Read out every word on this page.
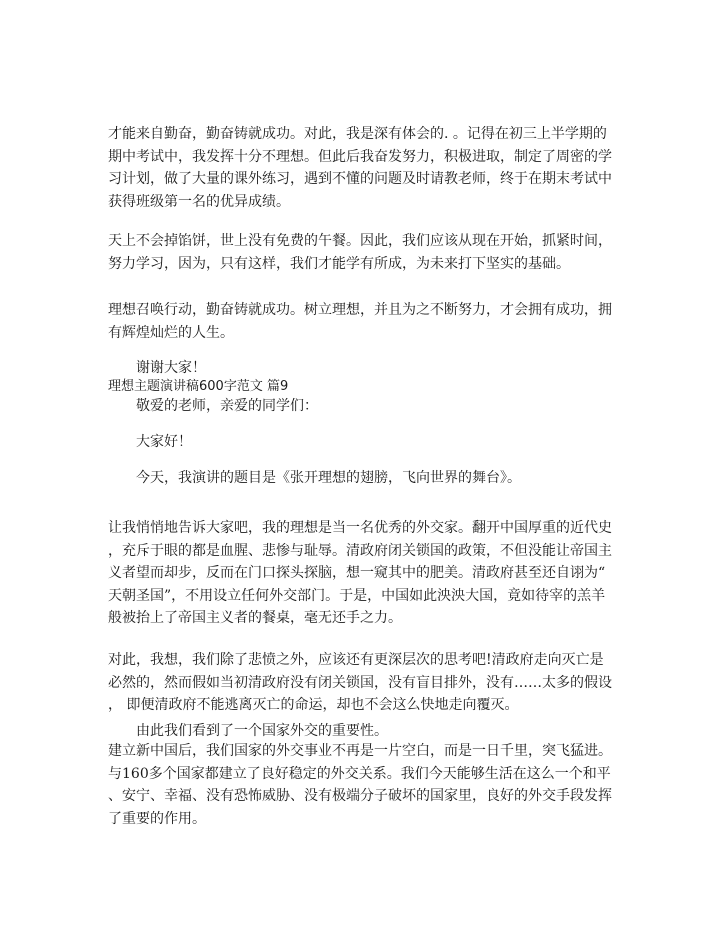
才能来自勤奋，勤奋铸就成功。对此，我是深有体会的. 。记得在初三上半学期的
期中考试中，我发挥十分不理想。但此后我奋发努力，积极进取，制定了周密的学
习计划，做了大量的课外练习，遇到不懂的问题及时请教老师，终于在期末考试中
获得班级第一名的优异成绩。

天上不会掉馅饼，世上没有免费的午餐。因此，我们应该从现在开始，抓紧时间，
努力学习，因为，只有这样，我们才能学有所成，为未来打下坚实的基础。

理想召唤行动，勤奋铸就成功。树立理想，并且为之不断努力，才会拥有成功，拥
有辉煌灿烂的人生。

谢谢大家！

理想主题演讲稿600字范文 篇9

敬爱的老师，亲爱的同学们：

大家好！

今天，我演讲的题目是《张开理想的翅膀，飞向世界的舞台》。

让我悄悄地告诉大家吧，我的理想是当一名优秀的外交家。翻开中国厚重的近代史
，充斥于眼的都是血腥、悲惨与耻辱。清政府闭关锁国的政策，不但没能让帝国主
义者望而却步，反而在门口探头探脑，想一窥其中的肥美。清政府甚至还自诩为“
天朝圣国”，不用设立任何外交部门。于是，中国如此泱泱大国，竟如待宰的羔羊
般被抬上了帝国主义者的餐桌，毫无还手之力。

对此，我想，我们除了悲愤之外，应该还有更深层次的思考吧!清政府走向灭亡是
必然的，然而假如当初清政府没有闭关锁国，没有盲目排外，没有……太多的假设
， 即便清政府不能逃离灭亡的命运，却也不会这么快地走向覆灭。

由此我们看到了一个国家外交的重要性。

建立新中国后，我们国家的外交事业不再是一片空白，而是一日千里，突飞猛进。
与160多个国家都建立了良好稳定的外交关系。我们今天能够生活在这么一个和平
、安宁、幸福、没有恐怖威胁、没有极端分子破坏的国家里，良好的外交手段发挥
了重要的作用。
